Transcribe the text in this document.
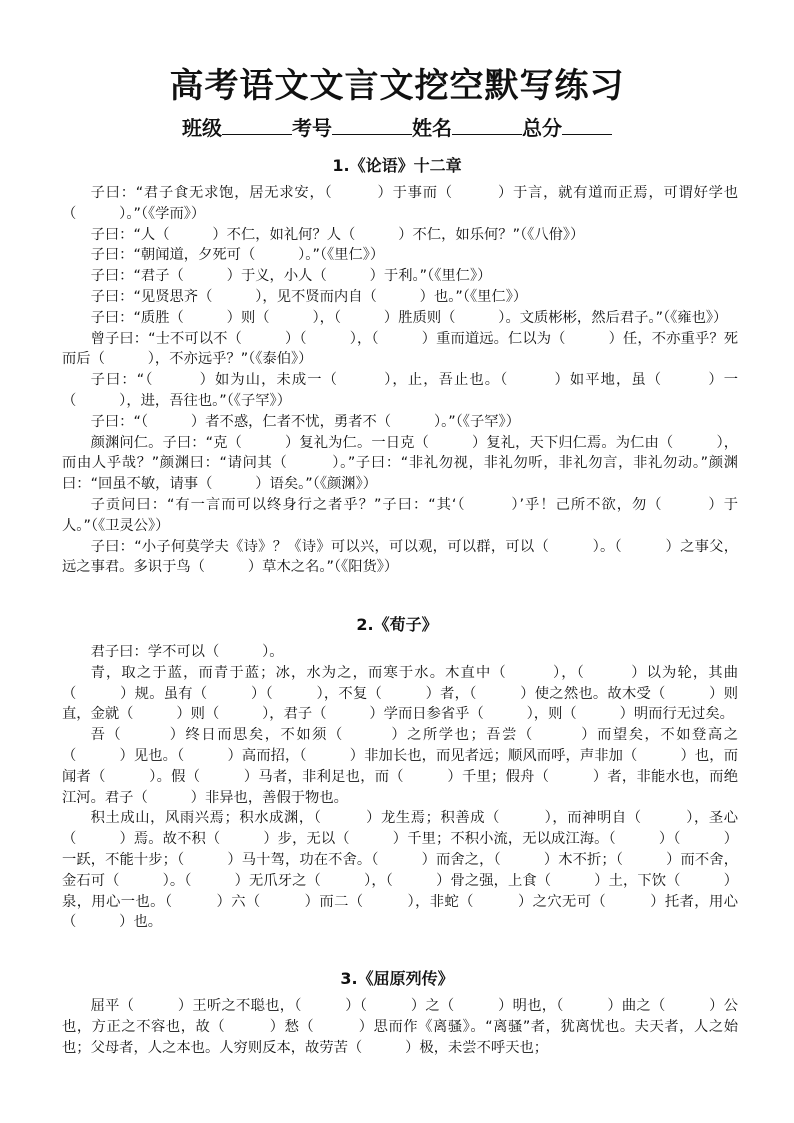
高考语文文言文挖空默写练习
班级	考号	姓名	总分
1.《论语》十二章

子曰：“君子食无求饱，居无求安，（　　　）于事而（　　　）于言，就有道而正焉，可谓好学也（　　　）。”（《学而》）

子曰：“人（　　　）不仁，如礼何？人（　　　）不仁，如乐何？”（《八佾》）

子曰：“朝闻道，夕死可（　　　）。”（《里仁》）

子曰：“君子（　　　）于义，小人（　　　）于利。”（《里仁》）

子曰：“见贤思齐（　　　），见不贤而内自（　　　）也。”（《里仁》）

子曰：“质胜（　　　）则（　　　），（　　　）胜质则（　　　）。文质彬彬，然后君子。”（《雍也》）

曾子曰：“士不可以不（　　　）（　　　），（　　　）重而道远。仁以为（　　　）任，不亦重乎？死而后（　　　），不亦远乎？”（《泰伯》）

子曰：“（　　　）如为山，未成一（　　　），止，吾止也。（　　　）如平地，虽（　　　）一（　　　），进，吾往也。”（《子罕》）

子曰：“（　　　）者不惑，仁者不忧，勇者不（　　　）。”（《子罕》）

颜渊问仁。子曰：“克（　　　）复礼为仁。一日克（　　　）复礼，天下归仁焉。为仁由（　　　），而由人乎哉？”颜渊曰：“请问其（　　　）。”子曰：“非礼勿视，非礼勿听，非礼勿言，非礼勿动。”颜渊曰：“回虽不敏，请事（　　　）语矣。”（《颜渊》）

子贡问曰：“有一言而可以终身行之者乎？”子曰：“其‘（　　　）’乎！己所不欲，勿（　　　）于人。”（《卫灵公》）

子曰：“小子何莫学夫《诗》？《诗》可以兴，可以观，可以群，可以（　　　）。（　　　）之事父，远之事君。多识于鸟（　　　）草木之名。”（《阳货》）

2.《荀子》

君子曰：学不可以（　　　）。

青，取之于蓝，而青于蓝；冰，水为之，而寒于水。木直中（　　　），（　　　）以为轮，其曲（　　　）规。虽有（　　　）（　　　），不复（　　　）者，（　　　）使之然也。故木受（　　　）则直，金就（　　　）则（　　　），君子（　　　）学而日参省乎（　　　），则（　　　）明而行无过矣。

吾（　　　）终日而思矣，不如须（　　　）之所学也；吾尝（　　　）而望矣，不如登高之（　　　）见也。（　　　）高而招，（　　　）非加长也，而见者远；顺风而呼，声非加（　　　）也，而闻者（　　　）。假（　　　）马者，非利足也，而（　　　）千里；假舟（　　　）者，非能水也，而绝江河。君子（　　　）非异也，善假于物也。

积土成山，风雨兴焉；积水成渊，（　　　）龙生焉；积善成（　　　），而神明自（　　　），圣心（　　　）焉。故不积（　　　）步，无以（　　　）千里；不积小流，无以成江海。（　　　）（　　　）一跃，不能十步；（　　　）马十驾，功在不舍。（　　　）而舍之，（　　　）木不折；（　　　）而不舍，金石可（　　　）。（　　　）无爪牙之（　　　），（　　　）骨之强，上食（　　　）土，下饮（　　　）泉，用心一也。（　　　）六（　　　）而二（　　　），非蛇（　　　）之穴无可（　　　）托者，用心（　　　）也。

3.《屈原列传》

屈平（　　　）王听之不聪也，（　　　）（　　　）之（　　　）明也，（　　　）曲之（　　　）公也，方正之不容也，故（　　　）愁（　　　）思而作《离骚》。“离骚”者，犹离忧也。夫天者，人之始也；父母者，人之本也。人穷则反本，故劳苦（　　　）极，未尝不呼天也；
